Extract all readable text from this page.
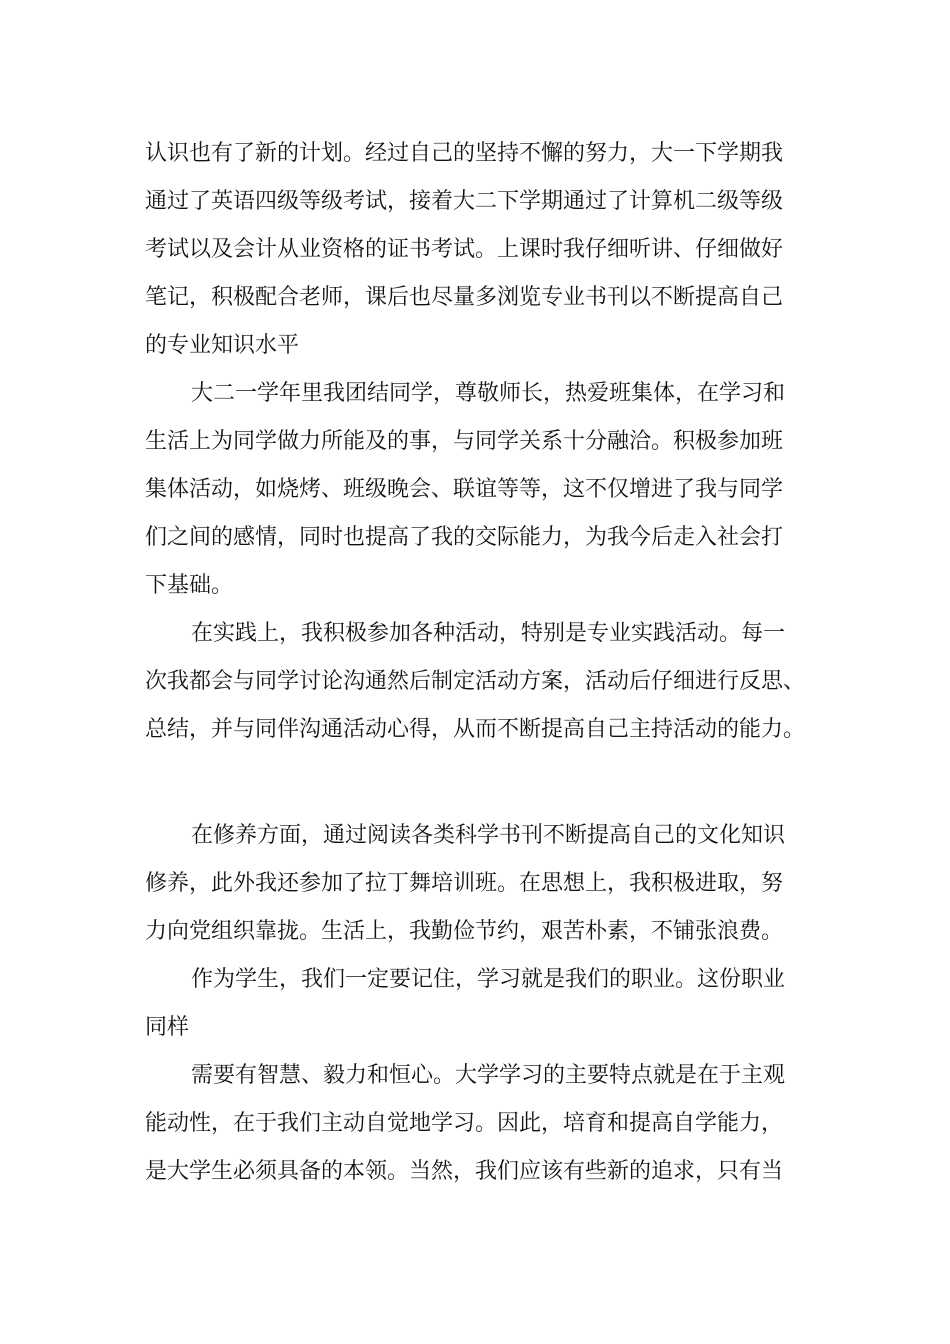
认识也有了新的计划。经过自己的坚持不懈的努力，大一下学期我

通过了英语四级等级考试，接着大二下学期通过了计算机二级等级

考试以及会计从业资格的证书考试。上课时我仔细听讲、仔细做好

笔记，积极配合老师，课后也尽量多浏览专业书刊以不断提高自己

的专业知识水平

大二一学年里我团结同学，尊敬师长，热爱班集体，在学习和

生活上为同学做力所能及的事，与同学关系十分融洽。积极参加班

集体活动，如烧烤、班级晚会、联谊等等，这不仅增进了我与同学

们之间的感情，同时也提高了我的交际能力，为我今后走入社会打

下基础。

在实践上，我积极参加各种活动，特别是专业实践活动。每一

次我都会与同学讨论沟通然后制定活动方案，活动后仔细进行反思、

总结，并与同伴沟通活动心得，从而不断提高自己主持活动的能力。

在修养方面，通过阅读各类科学书刊不断提高自己的文化知识

修养，此外我还参加了拉丁舞培训班。在思想上，我积极进取，努

力向党组织靠拢。生活上，我勤俭节约，艰苦朴素，不铺张浪费。

作为学生，我们一定要记住，学习就是我们的职业。这份职业

同样

需要有智慧、毅力和恒心。大学学习的主要特点就是在于主观

能动性，在于我们主动自觉地学习。因此，培育和提高自学能力，

是大学生必须具备的本领。当然，我们应该有些新的追求，只有当
